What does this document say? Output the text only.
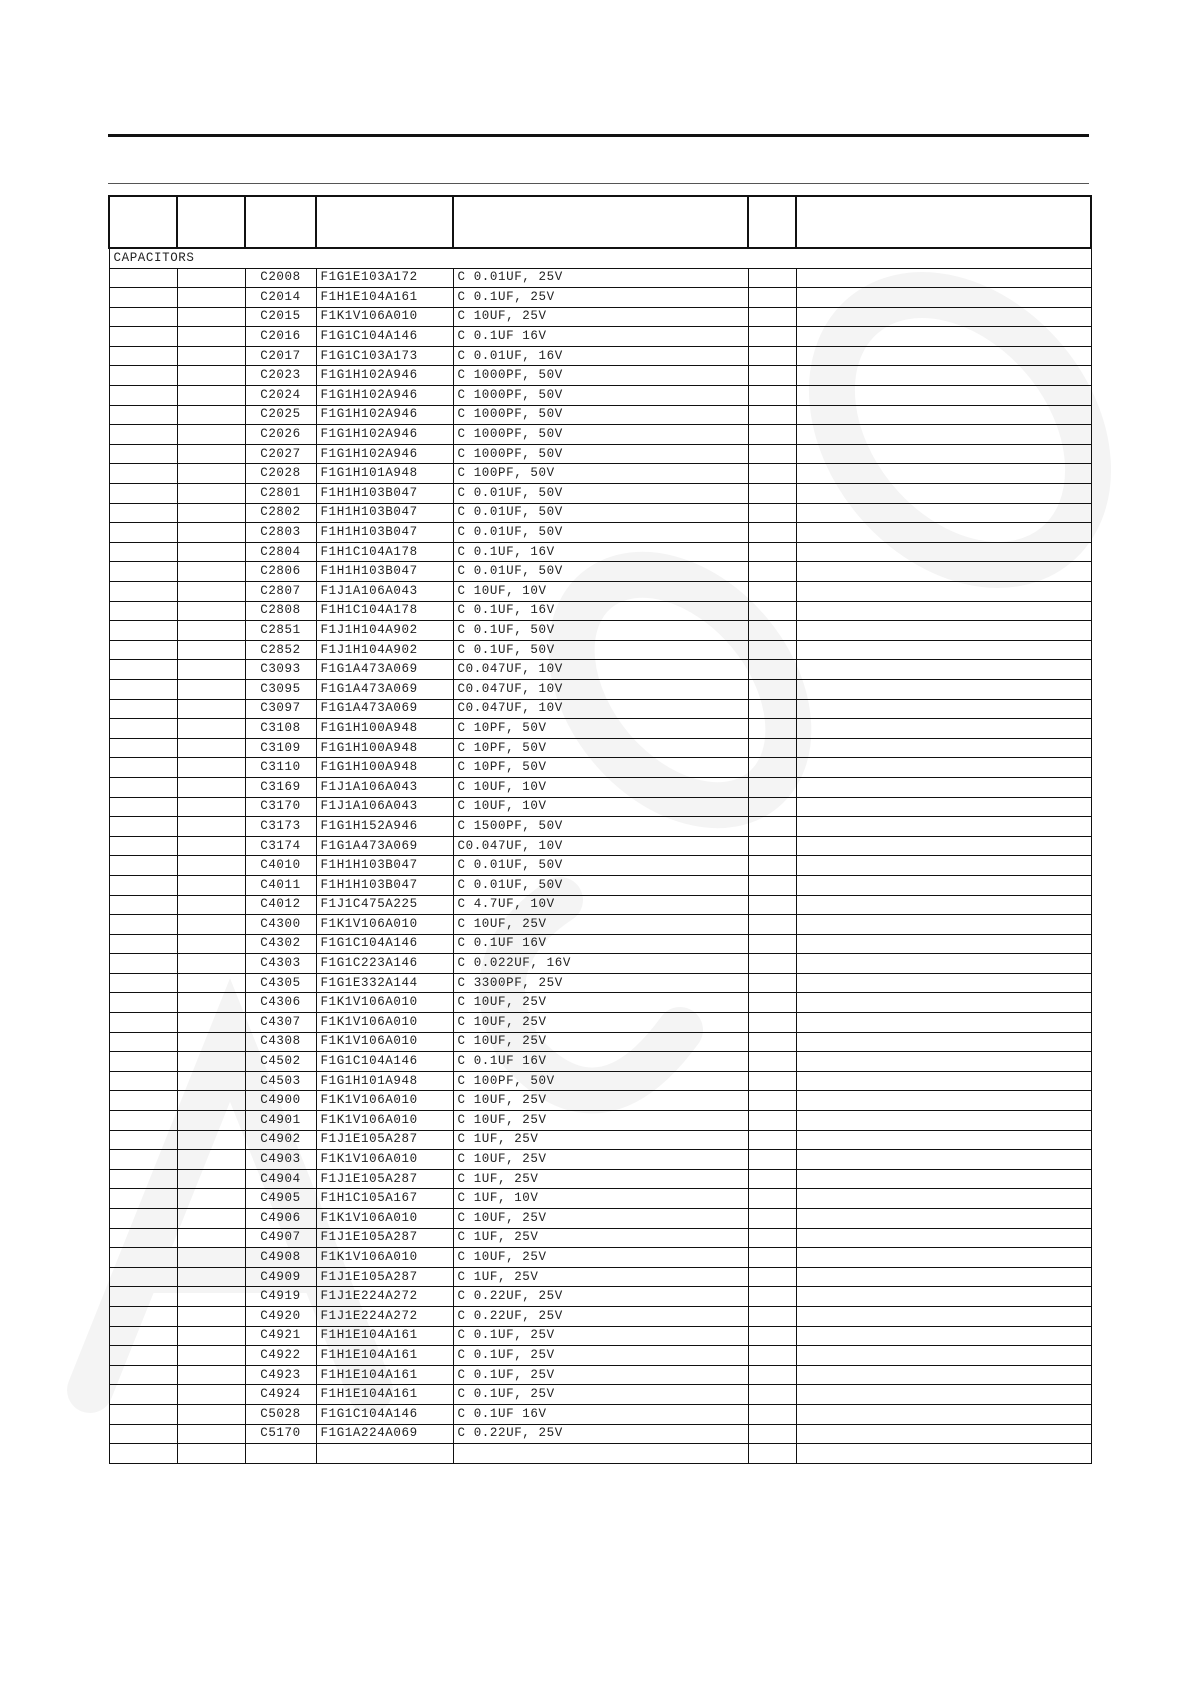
CAPACITORS						
		C2008	F1G1E103A172	C 0.01UF, 25V		
		C2014	F1H1E104A161	C 0.1UF, 25V		
		C2015	F1K1V106A010	C 10UF, 25V		
		C2016	F1G1C104A146	C 0.1UF 16V		
		C2017	F1G1C103A173	C 0.01UF, 16V		
		C2023	F1G1H102A946	C 1000PF, 50V		
		C2024	F1G1H102A946	C 1000PF, 50V		
		C2025	F1G1H102A946	C 1000PF, 50V		
		C2026	F1G1H102A946	C 1000PF, 50V		
		C2027	F1G1H102A946	C 1000PF, 50V		
		C2028	F1G1H101A948	C 100PF, 50V		
		C2801	F1H1H103B047	C 0.01UF, 50V		
		C2802	F1H1H103B047	C 0.01UF, 50V		
		C2803	F1H1H103B047	C 0.01UF, 50V		
		C2804	F1H1C104A178	C 0.1UF, 16V		
		C2806	F1H1H103B047	C 0.01UF, 50V		
		C2807	F1J1A106A043	C 10UF, 10V		
		C2808	F1H1C104A178	C 0.1UF, 16V		
		C2851	F1J1H104A902	C 0.1UF, 50V		
		C2852	F1J1H104A902	C 0.1UF, 50V		
		C3093	F1G1A473A069	C0.047UF, 10V		
		C3095	F1G1A473A069	C0.047UF, 10V		
		C3097	F1G1A473A069	C0.047UF, 10V		
		C3108	F1G1H100A948	C 10PF, 50V		
		C3109	F1G1H100A948	C 10PF, 50V		
		C3110	F1G1H100A948	C 10PF, 50V		
		C3169	F1J1A106A043	C 10UF, 10V		
		C3170	F1J1A106A043	C 10UF, 10V		
		C3173	F1G1H152A946	C 1500PF, 50V		
		C3174	F1G1A473A069	C0.047UF, 10V		
		C4010	F1H1H103B047	C 0.01UF, 50V		
		C4011	F1H1H103B047	C 0.01UF, 50V		
		C4012	F1J1C475A225	C 4.7UF, 10V		
		C4300	F1K1V106A010	C 10UF, 25V		
		C4302	F1G1C104A146	C 0.1UF 16V		
		C4303	F1G1C223A146	C 0.022UF, 16V		
		C4305	F1G1E332A144	C 3300PF, 25V		
		C4306	F1K1V106A010	C 10UF, 25V		
		C4307	F1K1V106A010	C 10UF, 25V		
		C4308	F1K1V106A010	C 10UF, 25V		
		C4502	F1G1C104A146	C 0.1UF 16V		
		C4503	F1G1H101A948	C 100PF, 50V		
		C4900	F1K1V106A010	C 10UF, 25V		
		C4901	F1K1V106A010	C 10UF, 25V		
		C4902	F1J1E105A287	C 1UF, 25V		
		C4903	F1K1V106A010	C 10UF, 25V		
		C4904	F1J1E105A287	C 1UF, 25V		
		C4905	F1H1C105A167	C 1UF, 10V		
		C4906	F1K1V106A010	C 10UF, 25V		
		C4907	F1J1E105A287	C 1UF, 25V		
		C4908	F1K1V106A010	C 10UF, 25V		
		C4909	F1J1E105A287	C 1UF, 25V		
		C4919	F1J1E224A272	C 0.22UF, 25V		
		C4920	F1J1E224A272	C 0.22UF, 25V		
		C4921	F1H1E104A161	C 0.1UF, 25V		
		C4922	F1H1E104A161	C 0.1UF, 25V		
		C4923	F1H1E104A161	C 0.1UF, 25V		
		C4924	F1H1E104A161	C 0.1UF, 25V		
		C5028	F1G1C104A146	C 0.1UF 16V		
		C5170	F1G1A224A069	C 0.22UF, 25V		
